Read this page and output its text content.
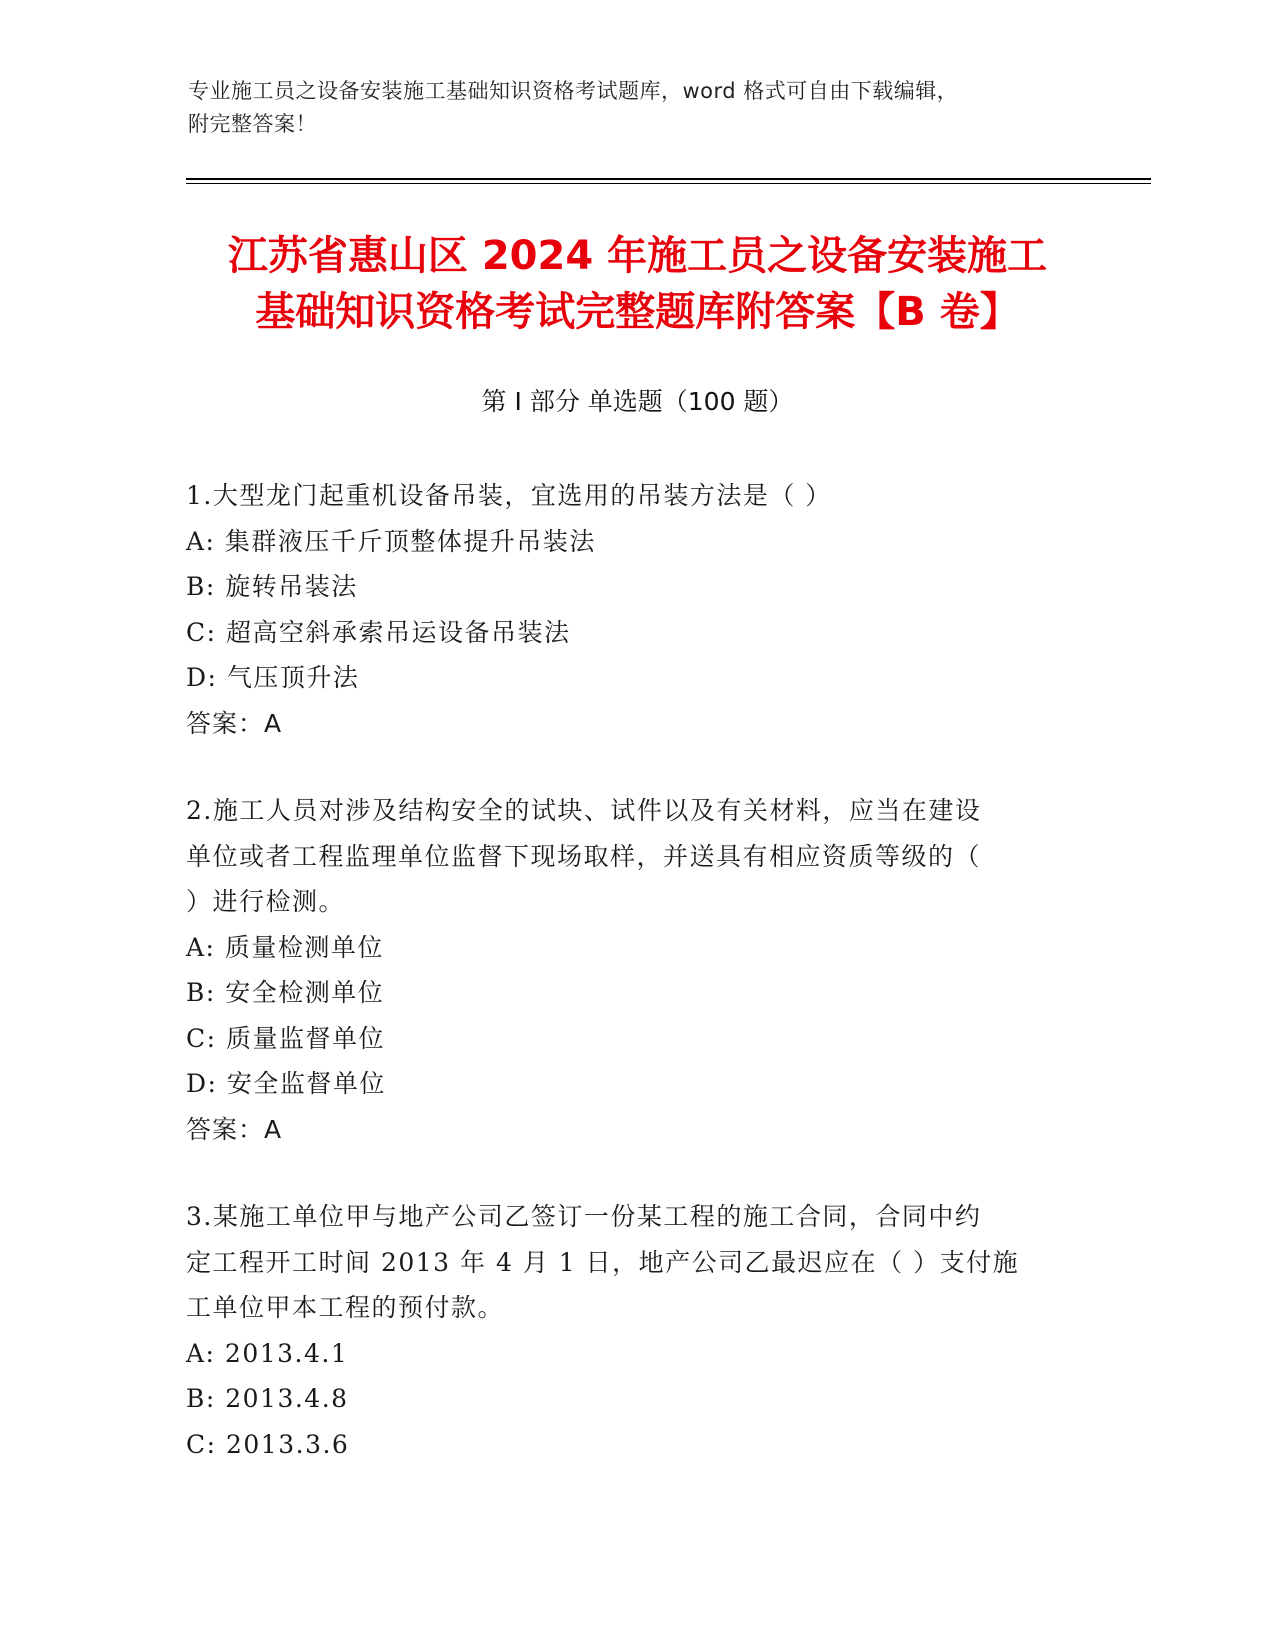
专业施工员之设备安装施工基础知识资格考试题库，word 格式可自由下载编辑，
附完整答案！
江苏省惠山区 2024 年施工员之设备安装施工
基础知识资格考试完整题库附答案【B 卷】
第 I 部分 单选题（100 题）
1.大型龙门起重机设备吊装，宜选用的吊装方法是（ ）
A: 集群液压千斤顶整体提升吊装法
B: 旋转吊装法
C: 超高空斜承索吊运设备吊装法
D: 气压顶升法
答案：A
2.施工人员对涉及结构安全的试块、试件以及有关材料，应当在建设
单位或者工程监理单位监督下现场取样，并送具有相应资质等级的（
）进行检测。
A: 质量检测单位
B: 安全检测单位
C: 质量监督单位
D: 安全监督单位
答案：A
3.某施工单位甲与地产公司乙签订一份某工程的施工合同，合同中约
定工程开工时间 2013 年 4 月 1 日，地产公司乙最迟应在（ ）支付施
工单位甲本工程的预付款。
A: 2013.4.1
B: 2013.4.8
C: 2013.3.6
